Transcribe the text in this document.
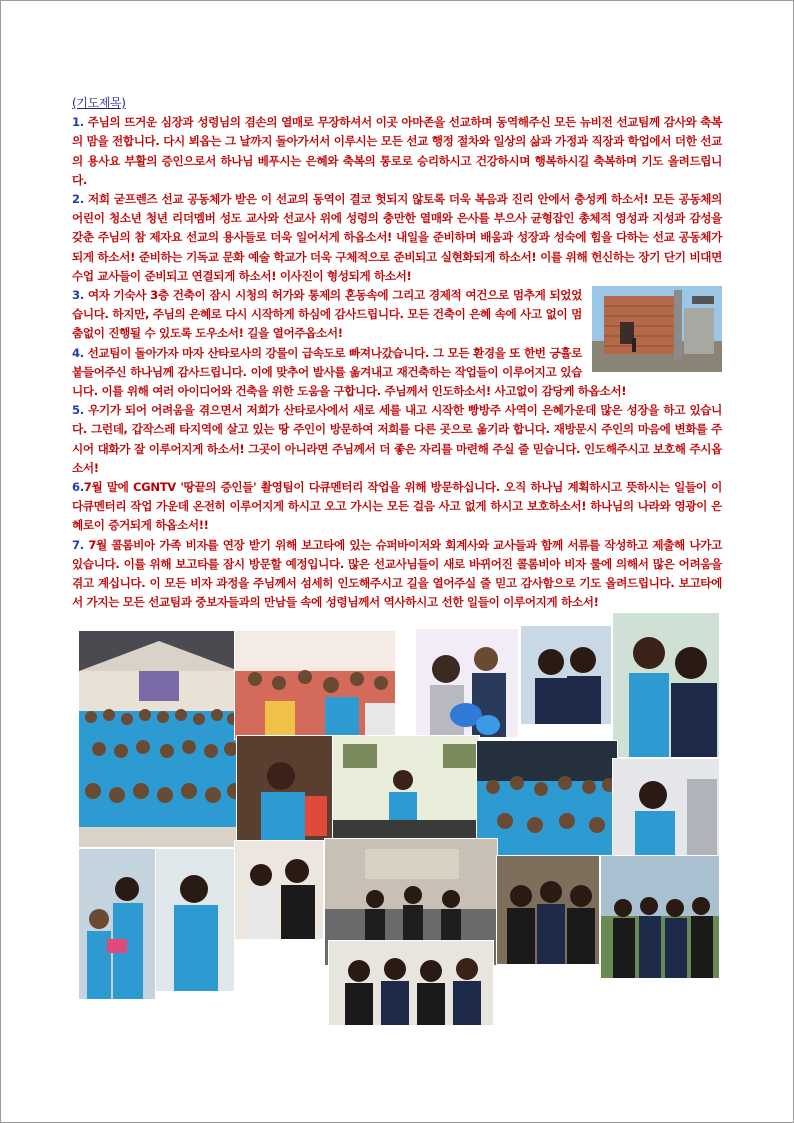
(기도제목)

1. 주님의 뜨거운 심장과 성령님의 겸손의 열매로 무장하셔서 이곳 아마존을 선교하며 동역해주신 모든 뉴비전 선교팀께 감사와 축복의 맘을 전합니다. 다시 뵈옵는 그 날까지 돌아가서서 이루시는 모든 선교 행정 절차와 일상의 삶과 가정과 직장과 학업에서 더한 선교의 용사요 부활의 증인으로서 하나님 베푸시는 은혜와 축복의 통로로 승리하시고 건강하시며 행복하시길 축복하며 기도 올려드립니다.

2. 저희 굳프렌즈 선교 공동체가 받은 이 선교의 동역이 결코 헛되지 않토록 더욱 복음과 진리 안에서 충성케 하소서! 모든 공동체의 어린이 청소년 청년 리더멤버 성도 교사와 선교사 위에 성령의 충만한 열매와 은사를 부으사 균형잡인 총체적 영성과 지성과 감성을 갖춘 주님의 참 제자요 선교의 용사들로 더욱 일어서게 하옵소서! 내일을 준비하며 배움과 성장과 성숙에 힘을 다하는 선교 공동체가 되게 하소서! 준비하는 기독교 문화 예술 학교가 더욱 구체적으로 준비되고 실현화되게 하소서! 이를 위해 헌신하는 장기 단기 비대면 수업 교사들이 준비되고 연결되게 하소서! 이사진이 형성되게 하소서!

3. 여자 기숙사 3층 건축이 잠시 시청의 허가와 통제의 혼동속에 그리고 경제적 여건으로 멈추게 되었었습니다. 하지만, 주님의 은혜로 다시 시작하게 하심에 감사드립니다. 모든 건축이 은혜 속에 사고 없이 멈춤없이 진행될 수 있도록 도우소서! 길을 열어주옵소서!

4. 선교팀이 돌아가자 마자 산타로사의 강물이 급속도로 빠져나갔습니다. 그 모든 환경을 또 한번 긍휼로 붙들어주신 하나님께 감사드립니다. 이에 맞추어 발사를 옮겨내고 재건축하는 작업들이 이루어지고 있습니다. 이를 위해 여러 아이디어와 건축을 위한 도움을 구합니다. 주님께서 인도하소서! 사고없이 감당케 하옵소서!

5. 우기가 되어 어려움을 겪으면서 저희가 산타로사에서 새로 세를 내고 시작한 빵방주 사역이 은혜가운데 많은 성장을 하고 있습니다. 그런데, 갑작스레 타지역에 살고 있는 땅 주인이 방문하여 저희를 다른 곳으로 옮기라 합니다. 재방문시 주인의 마음에 변화를 주시어 대화가 잘 이루어지게 하소서! 그곳이 아니라면 주님께서 더 좋은 자리를 마련해 주실 줄 믿습니다. 인도해주시고 보호해 주시옵소서!

6.7월 말에 CGNTV '땅끝의 증인들' 촬영팀이 다큐멘터리 작업을 위해 방문하십니다. 오직 하나님 계획하시고 뜻하시는 일들이 이 다큐멘터리 작업 가운데 온전히 이루어지게 하시고 오고 가시는 모든 걸음 사고 없게 하시고 보호하소서! 하나님의 나라와 영광이 은혜로이 증거되게 하옵소서!!

7. 7월 콜롬비아 가족 비자를 연장 받기 위해 보고타에 있는 슈퍼바이저와 회계사와 교사들과 함께 서류를 작성하고 제출해 나가고 있습니다. 이를 위해 보고타를 잠시 방문할 예정입니다. 많은 선교사님들이 새로 바뀌어진 콜롬비아 비자 룰에 의해서 많은 어려움을 겪고 계십니다. 이 모든 비자 과정을 주님께서 섬세히 인도해주시고 길을 열어주실 줄 믿고 감사함으로 기도 올려드립니다. 보고타에서 가지는 모든 선교팀과 중보자들과의 만남들 속에 성령님께서 역사하시고 선한 일들이 이루어지게 하소서!
